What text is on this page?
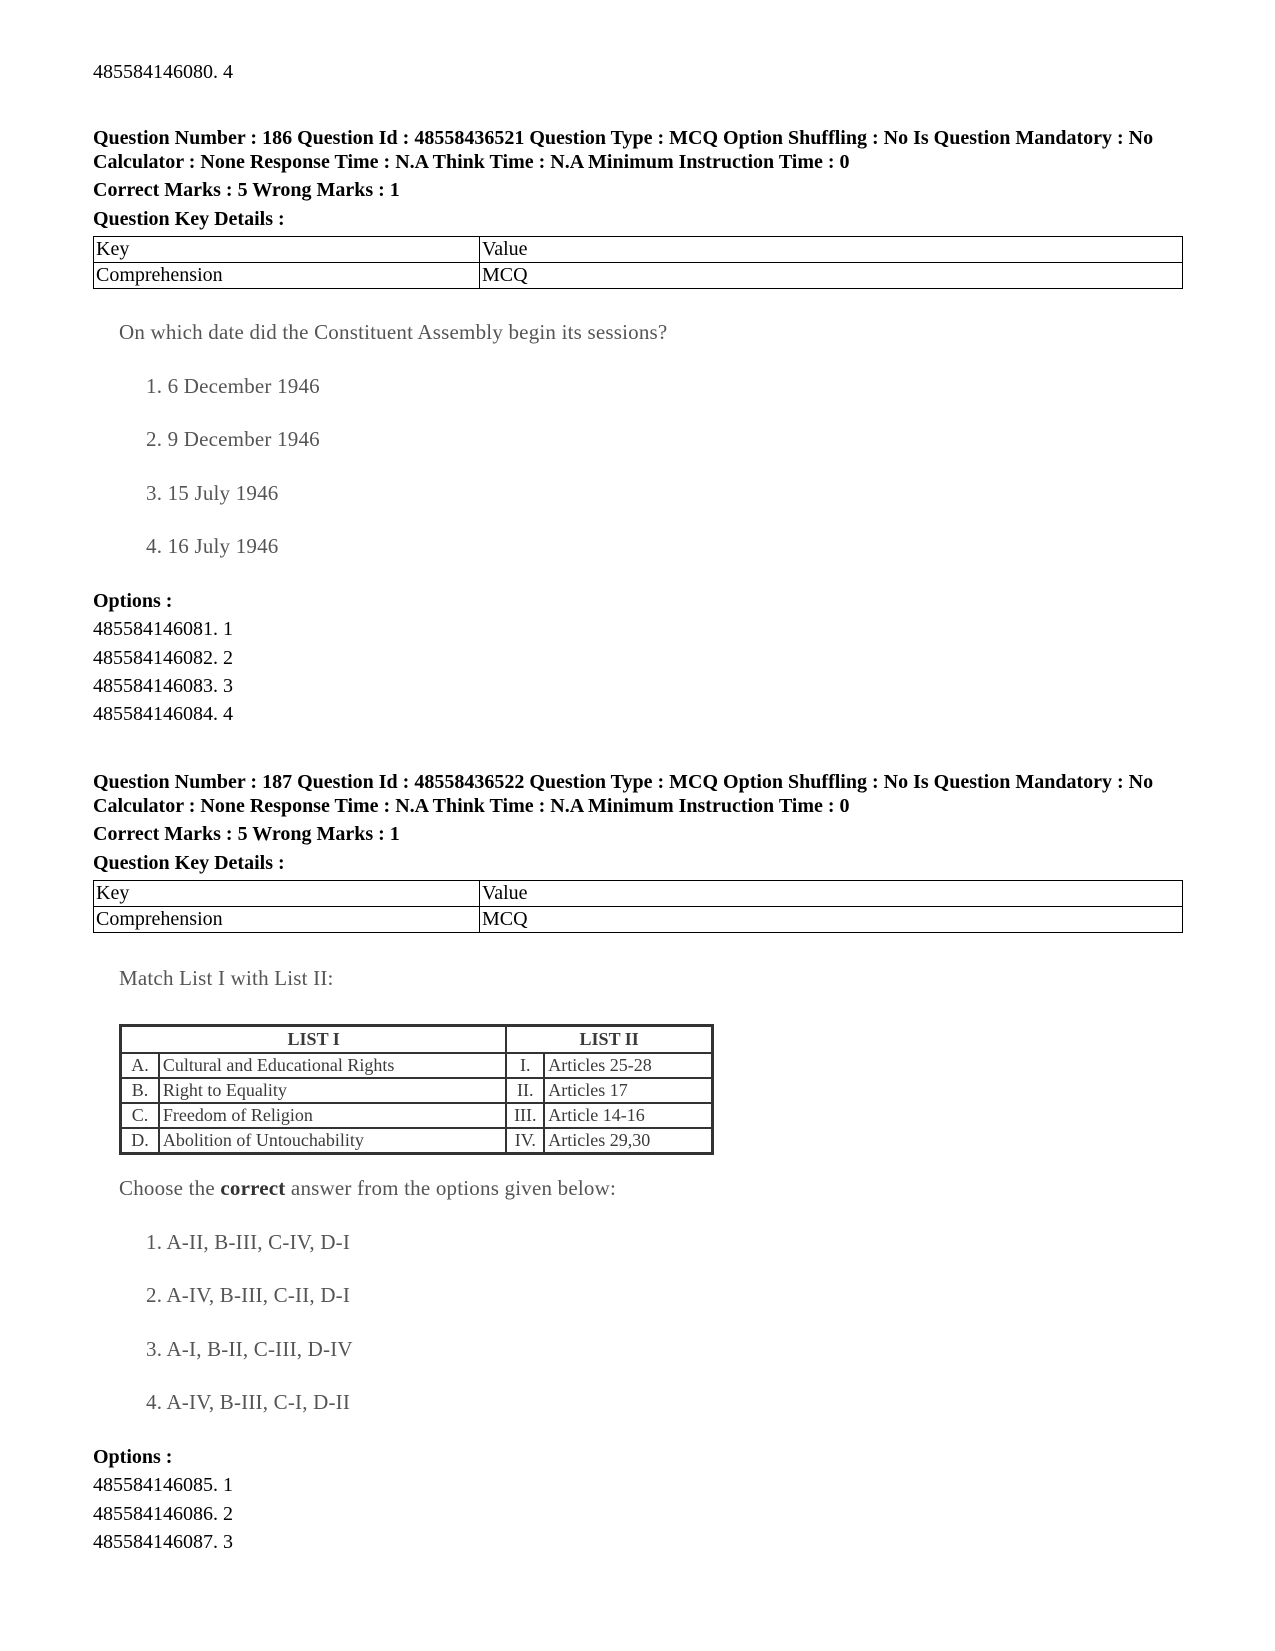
485584146080. 4
Question Number : 186 Question Id : 48558436521 Question Type : MCQ Option Shuffling : No Is Question Mandatory : No Calculator : None Response Time : N.A Think Time : N.A Minimum Instruction Time : 0
Correct Marks : 5 Wrong Marks : 1
Question Key Details :
Key	Value
Comprehension	MCQ
On which date did the Constituent Assembly begin its sessions?
1. 6 December 1946
2. 9 December 1946
3. 15 July 1946
4. 16 July 1946
Options :
485584146081. 1
485584146082. 2
485584146083. 3
485584146084. 4
Question Number : 187 Question Id : 48558436522 Question Type : MCQ Option Shuffling : No Is Question Mandatory : No Calculator : None Response Time : N.A Think Time : N.A Minimum Instruction Time : 0
Correct Marks : 5 Wrong Marks : 1
Question Key Details :
Key	Value
Comprehension	MCQ
Match List I with List II:
LIST I		LIST II	
A.	Cultural and Educational Rights	I.	Articles 25-28
B.	Right to Equality	II.	Articles 17
C.	Freedom of Religion	III.	Article 14-16
D.	Abolition of Untouchability	IV.	Articles 29,30
Choose the correct answer from the options given below:
1. A-II, B-III, C-IV, D-I
2. A-IV, B-III, C-II, D-I
3. A-I, B-II, C-III, D-IV
4. A-IV, B-III, C-I, D-II
Options :
485584146085. 1
485584146086. 2
485584146087. 3
